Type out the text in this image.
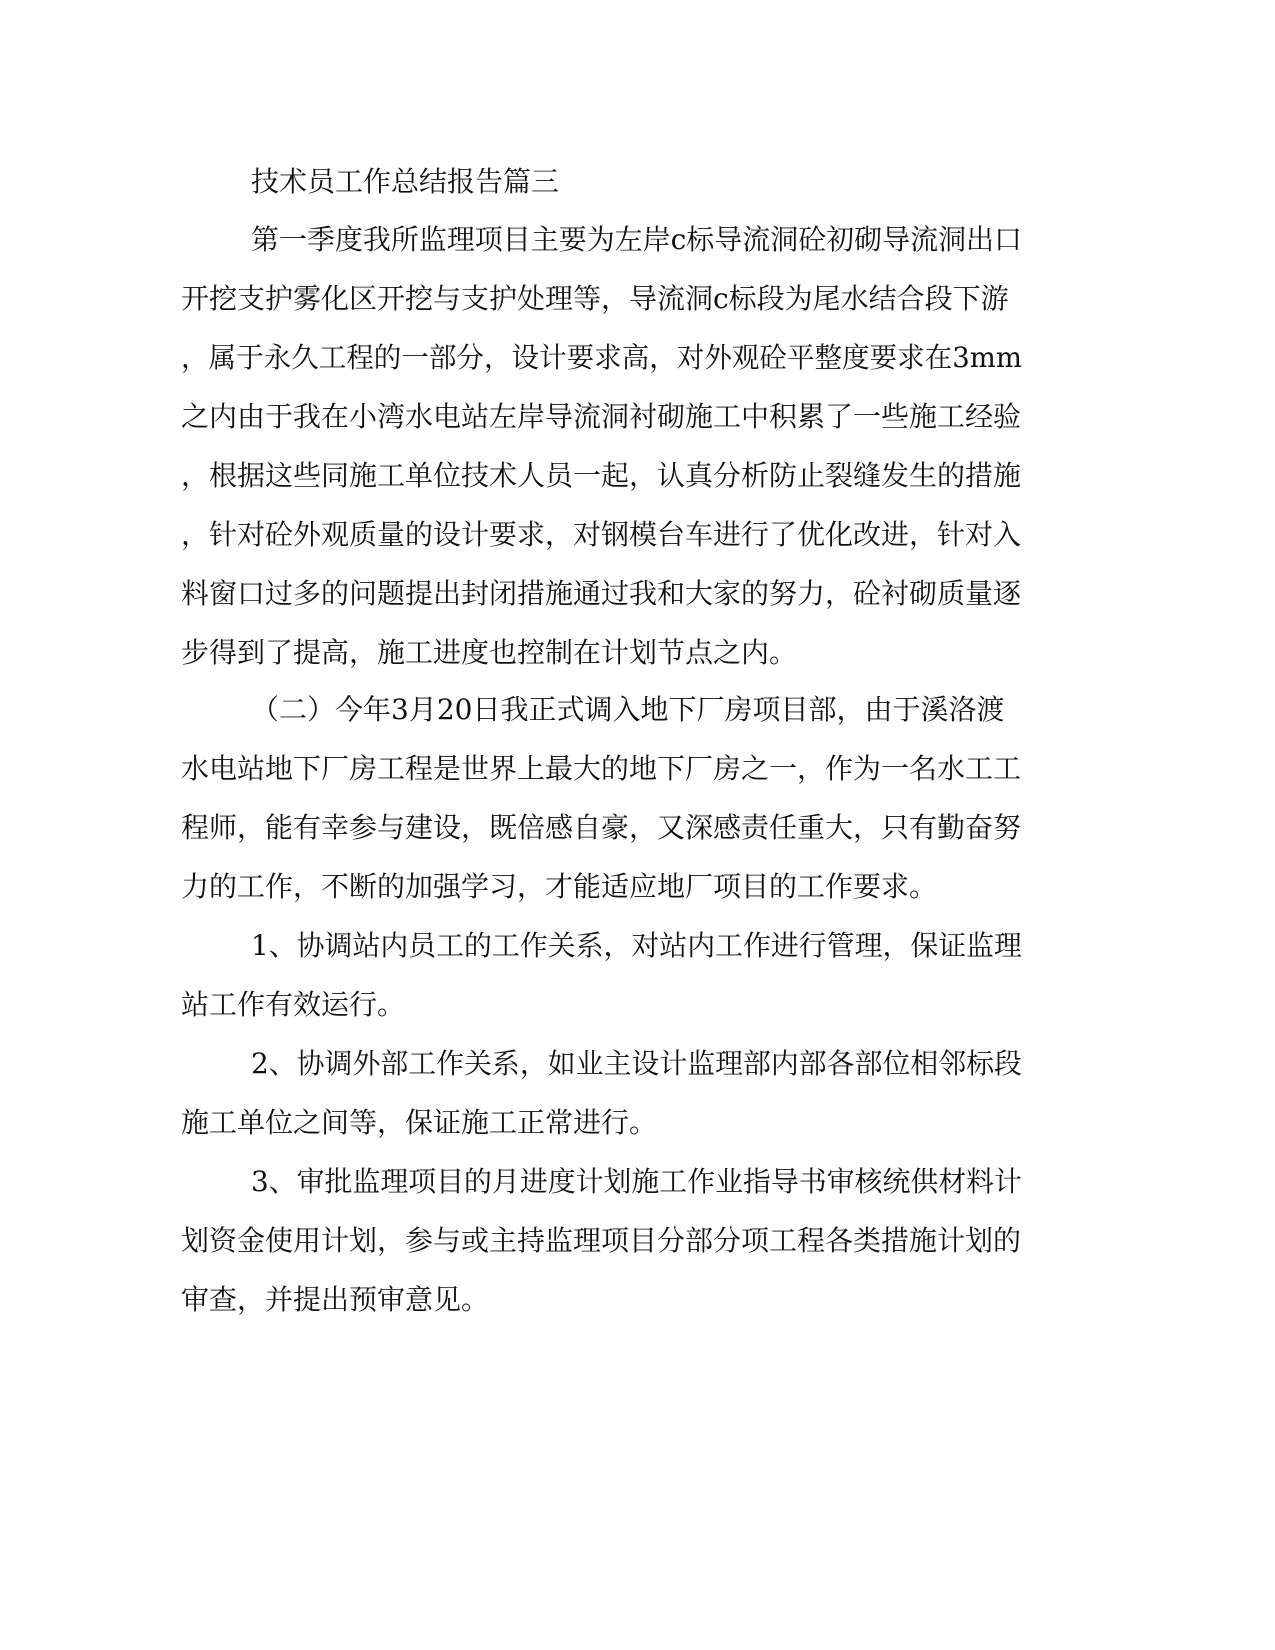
技术员工作总结报告篇三
第一季度我所监理项目主要为左岸c标导流洞砼初砌导流洞出口
开挖支护雾化区开挖与支护处理等，导流洞c标段为尾水结合段下游
，属于永久工程的一部分，设计要求高，对外观砼平整度要求在3mm
之内由于我在小湾水电站左岸导流洞衬砌施工中积累了一些施工经验
，根据这些同施工单位技术人员一起，认真分析防止裂缝发生的措施
，针对砼外观质量的设计要求，对钢模台车进行了优化改进，针对入
料窗口过多的问题提出封闭措施通过我和大家的努力，砼衬砌质量逐
步得到了提高，施工进度也控制在计划节点之内。
（二）今年3月20日我正式调入地下厂房项目部，由于溪洛渡
水电站地下厂房工程是世界上最大的地下厂房之一，作为一名水工工
程师，能有幸参与建设，既倍感自豪，又深感责任重大，只有勤奋努
力的工作，不断的加强学习，才能适应地厂项目的工作要求。
1、协调站内员工的工作关系，对站内工作进行管理，保证监理
站工作有效运行。
2、协调外部工作关系，如业主设计监理部内部各部位相邻标段
施工单位之间等，保证施工正常进行。
3、审批监理项目的月进度计划施工作业指导书审核统供材料计
划资金使用计划，参与或主持监理项目分部分项工程各类措施计划的
审查，并提出预审意见。
